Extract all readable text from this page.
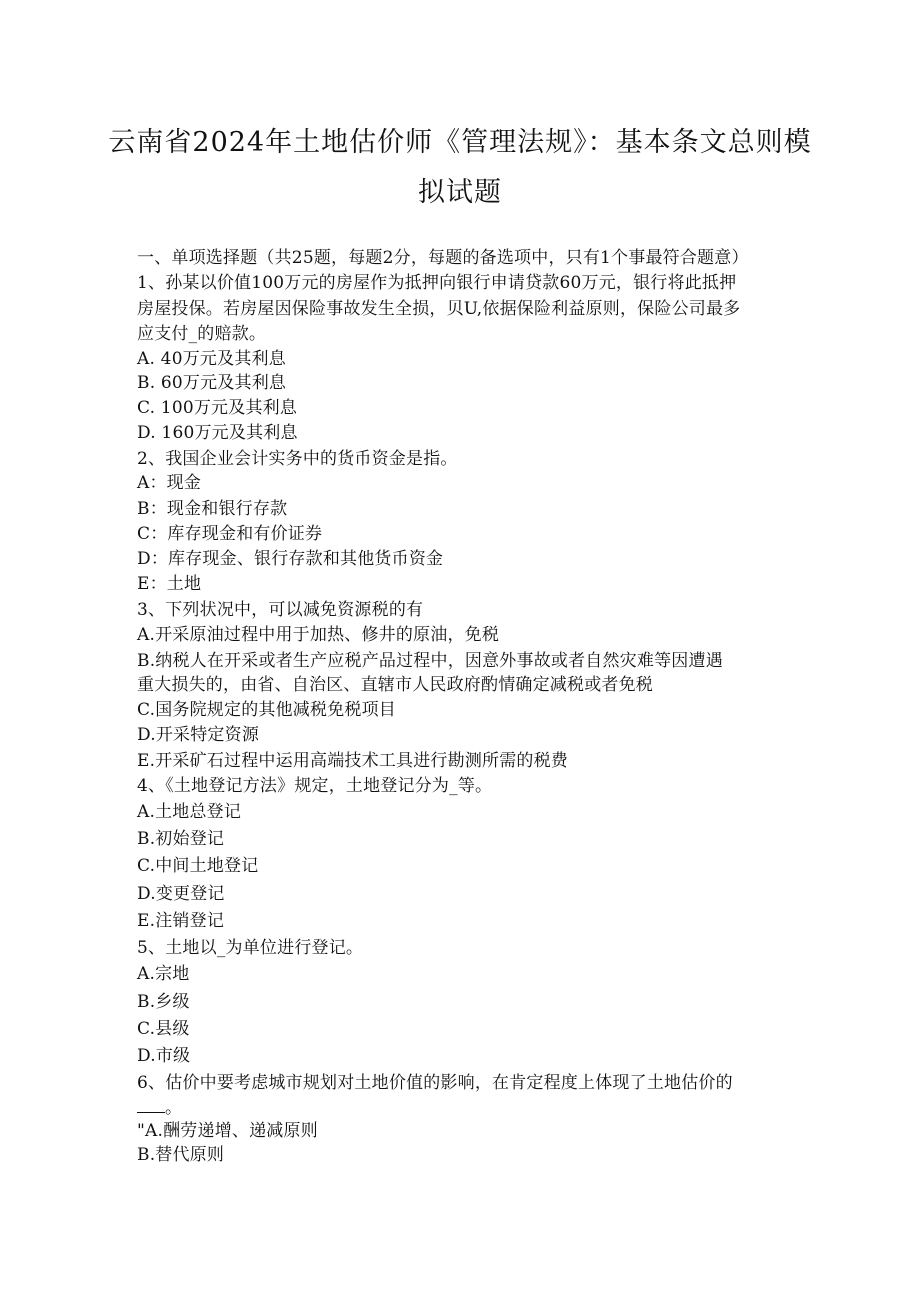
云南省2024年土地估价师《管理法规》：基本条文总则模
拟试题
一、单项选择题（共25题，每题2分，每题的备选项中，只有1个事最符合题意）
1、孙某以价值100万元的房屋作为抵押向银行申请贷款60万元，银行将此抵押
房屋投保。若房屋因保险事故发生全损，贝U,依据保险利益原则，保险公司最多
应支付_的赔款。
A. 40万元及其利息
B. 60万元及其利息
C. 100万元及其利息
D. 160万元及其利息
2、我国企业会计实务中的货币资金是指。
A：现金
B：现金和银行存款
C：库存现金和有价证券
D：库存现金、银行存款和其他货币资金
E：土地
3、下列状况中，可以减免资源税的有
A.开采原油过程中用于加热、修井的原油，免税
B.纳税人在开采或者生产应税产品过程中，因意外事故或者自然灾难等因遭遇
重大损失的，由省、自治区、直辖市人民政府酌情确定减税或者免税
C.国务院规定的其他减税免税项目
D.开采特定资源
E.开采矿石过程中运用高端技术工具进行勘测所需的税费
4、《土地登记方法》规定，土地登记分为_等。
A.土地总登记
B.初始登记
C.中间土地登记
D.变更登记
E.注销登记
5、土地以_为单位进行登记。
A.宗地
B.乡级
C.县级
D.市级
6、估价中要考虑城市规划对土地价值的影响，在肯定程度上体现了土地估价的
。
"A.酬劳递增、递减原则
B.替代原则
